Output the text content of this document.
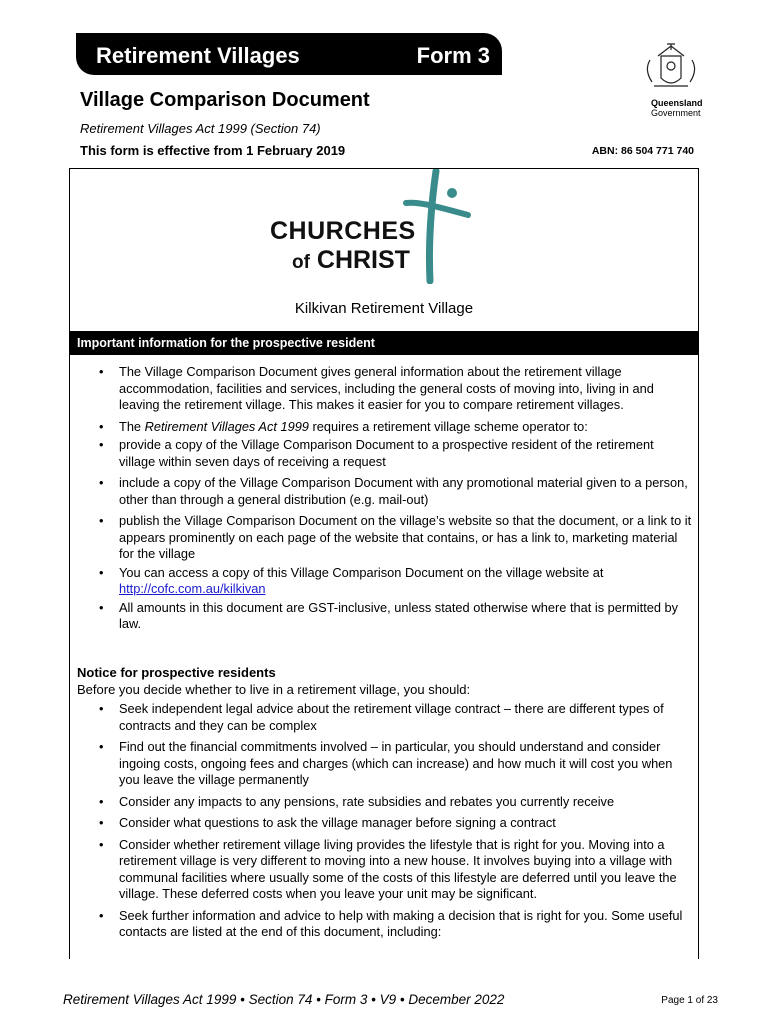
Retirement Villages	Form 3
Queensland
Government
Village Comparison Document
Retirement Villages Act 1999 (Section 74)
This form is effective from 1 February 2019	ABN: 86 504 771 740
CHURCHES
of CHRIST
Kilkivan Retirement Village
Important information for the prospective resident
• The Village Comparison Document gives general information about the retirement village accommodation, facilities and services, including the general costs of moving into, living in and leaving the retirement village. This makes it easier for you to compare retirement villages.
• The Retirement Villages Act 1999 requires a retirement village scheme operator to:
• provide a copy of the Village Comparison Document to a prospective resident of the retirement village within seven days of receiving a request
• include a copy of the Village Comparison Document with any promotional material given to a person, other than through a general distribution (e.g. mail-out)
• publish the Village Comparison Document on the village’s website so that the document, or a link to it appears prominently on each page of the website that contains, or has a link to, marketing material for the village
• You can access a copy of this Village Comparison Document on the village website at
http://cofc.com.au/kilkivan
• All amounts in this document are GST-inclusive, unless stated otherwise where that is permitted by law.
Notice for prospective residents
Before you decide whether to live in a retirement village, you should:
• Seek independent legal advice about the retirement village contract – there are different types of contracts and they can be complex
• Find out the financial commitments involved – in particular, you should understand and consider ingoing costs, ongoing fees and charges (which can increase) and how much it will cost you when you leave the village permanently
• Consider any impacts to any pensions, rate subsidies and rebates you currently receive
• Consider what questions to ask the village manager before signing a contract
• Consider whether retirement village living provides the lifestyle that is right for you. Moving into a retirement village is very different to moving into a new house. It involves buying into a village with communal facilities where usually some of the costs of this lifestyle are deferred until you leave the village. These deferred costs when you leave your unit may be significant.
• Seek further information and advice to help with making a decision that is right for you. Some useful contacts are listed at the end of this document, including:
Retirement Villages Act 1999 • Section 74 • Form 3 • V9 • December 2022	Page 1 of 23
